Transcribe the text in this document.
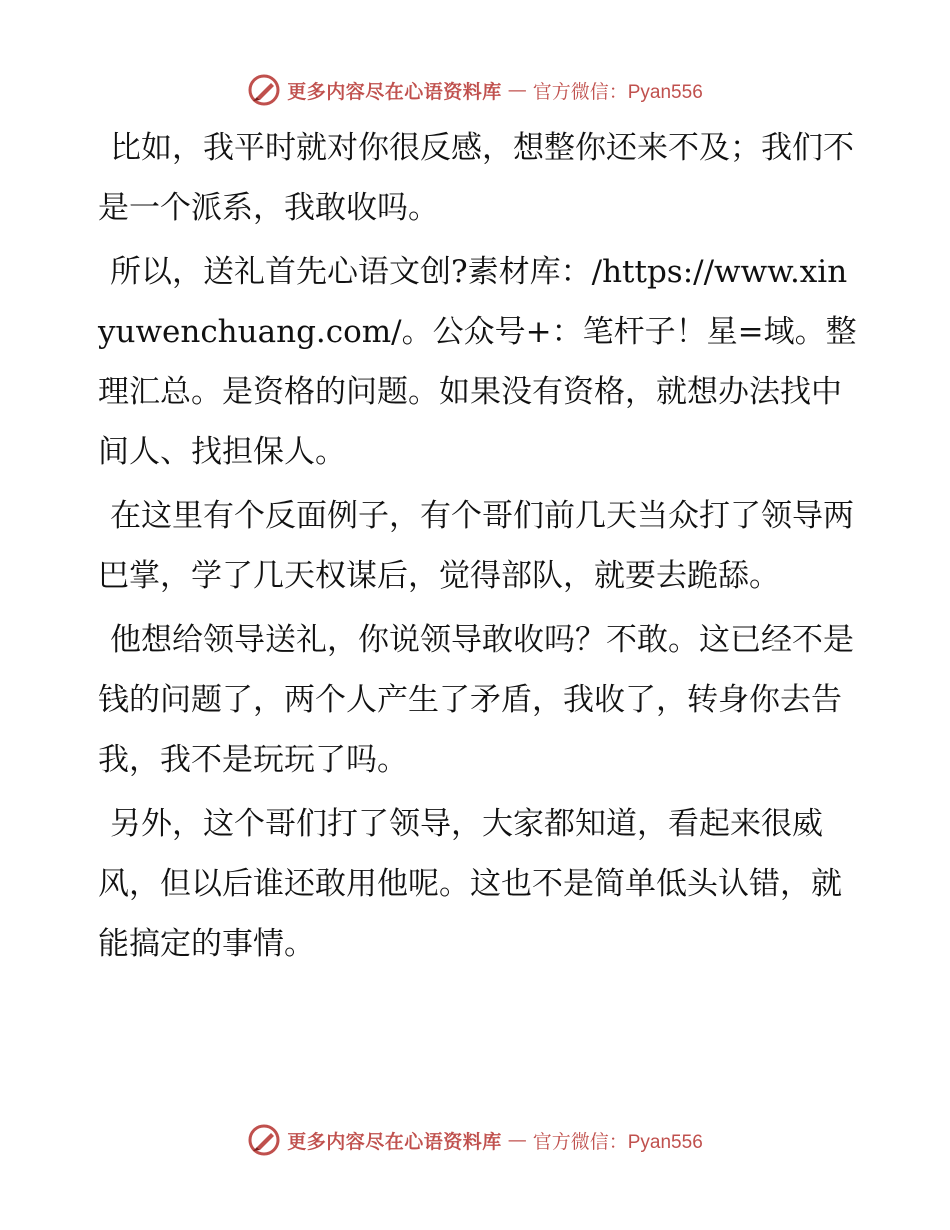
更多内容尽在心语资料库 — 官方微信：Pyan556

比如，我平时就对你很反感，想整你还来不及；我们不是一个派系，我敢收吗。

所以，送礼首先心语文创?素材库：/https://www.xinyuwenchuang.com/。公众号+：笔杆子！星=域。整理汇总。是资格的问题。如果没有资格，就想办法找中间人、找担保人。

在这里有个反面例子，有个哥们前几天当众打了领导两巴掌，学了几天权谋后，觉得部队，就要去跪舔。

他想给领导送礼，你说领导敢收吗？不敢。这已经不是钱的问题了，两个人产生了矛盾，我收了，转身你去告我，我不是玩玩了吗。

另外，这个哥们打了领导，大家都知道，看起来很威风，但以后谁还敢用他呢。这也不是简单低头认错，就能搞定的事情。

更多内容尽在心语资料库 — 官方微信：Pyan556
